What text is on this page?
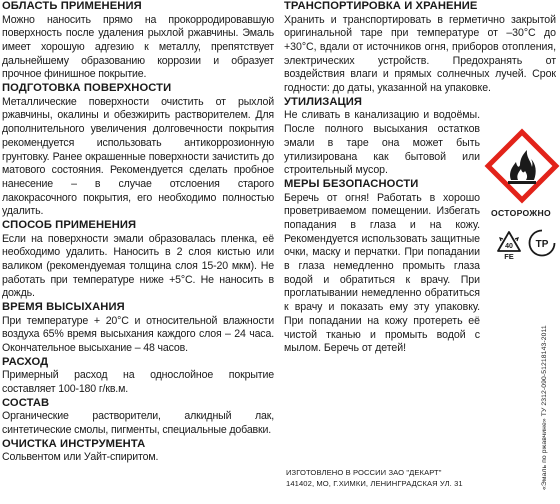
ОБЛАСТЬ ПРИМЕНЕНИЯ

Можно наносить прямо на прокорродировавшую поверхность после удаления рыхлой ржавчины. Эмаль имеет хорошую адгезию к металлу, препятствует дальнейшему образованию коррозии и образует прочное финишное покрытие.

ПОДГОТОВКА ПОВЕРХНОСТИ

Металлические поверхности очистить от рыхлой ржавчины, окалины и обезжирить растворителем. Для дополнительного увеличения долговечности покрытия рекомендуется использовать антикоррозионную грунтовку. Ранее окрашенные поверхности зачистить до матового состояния. Рекомендуется сделать пробное нанесение – в случае отслоения старого лакокрасочного покрытия, его необходимо полностью удалить.

СПОСОБ ПРИМЕНЕНИЯ

Если на поверхности эмали образовалась пленка, её необходимо удалить. Наносить в 2 слоя кистью или валиком (рекомендуемая толщина слоя 15-20 мкм). Не работать при температуре ниже +5°С. Не наносить в дождь.

ВРЕМЯ ВЫСЫХАНИЯ

При температуре + 20°С и относительной влажности воздуха 65% время высыхания каждого слоя – 24 часа. Окончательное высыхание – 48 часов.

РАСХОД

Примерный расход на однослойное покрытие составляет 100-180 г/кв.м.

СОСТАВ

Органические растворители, алкидный лак, синтетические смолы, пигменты, специальные добавки.

ОЧИСТКА ИНСТРУМЕНТА

Сольвентом или Уайт-спиритом.

ТРАНСПОРТИРОВКА И ХРАНЕНИЕ

Хранить и транспортировать в герметично закрытой оригинальной таре при температуре от –30°С до +30°С, вдали от источников огня, приборов отопления, электрических устройств. Предохранять от воздействия влаги и прямых солнечных лучей. Срок годности: до даты, указанной на упаковке.

УТИЛИЗАЦИЯ

Не сливать в канализацию и водоёмы. После полного высыхания остатков эмали в таре она может быть утилизирована как бытовой или строительный мусор.

МЕРЫ БЕЗОПАСНОСТИ

Беречь от огня! Работать в хорошо проветриваемом помещении. Избегать попадания в глаза и на кожу. Рекомендуется использовать защитные очки, маску и перчатки. При попадании в глаза немедленно промыть глаза водой и обратиться к врачу. При проглатывании немедленно обратиться к врачу и показать ему эту упаковку. При попадании на кожу протереть её чистой тканью и промыть водой с мылом. Беречь от детей!

ИЗГОТОВЛЕНО В РОССИИ ЗАО "ДЕКАРТ"
141402, МО, Г.ХИМКИ, ЛЕНИНГРАДСКАЯ УЛ. 31
ОСТОРОЖНО
40
FE
ТР
«Эмаль по ржавчине» ТУ 2312-090-51218143-2011
